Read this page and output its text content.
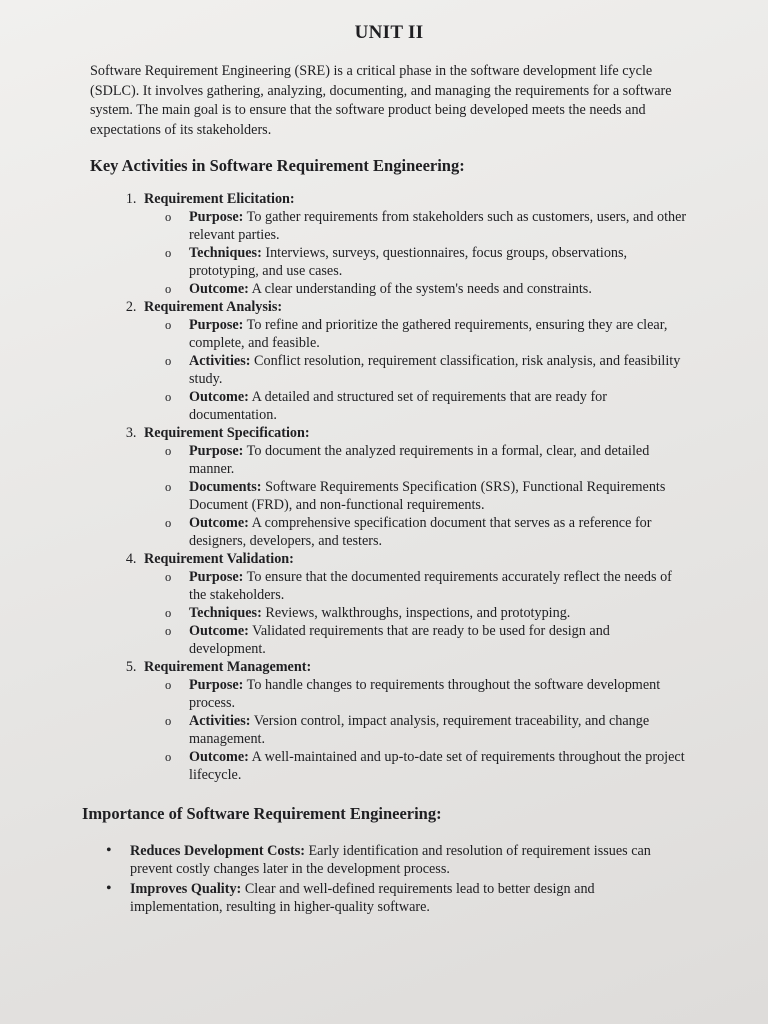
UNIT II

Software Requirement Engineering (SRE) is a critical phase in the software development life cycle (SDLC). It involves gathering, analyzing, documenting, and managing the requirements for a software system. The main goal is to ensure that the software product being developed meets the needs and expectations of its stakeholders.

Key Activities in Software Requirement Engineering:
1. Requirement Elicitation:
o Purpose: To gather requirements from stakeholders such as customers, users, and other relevant parties.
o Techniques: Interviews, surveys, questionnaires, focus groups, observations, prototyping, and use cases.
o Outcome: A clear understanding of the system's needs and constraints.
2. Requirement Analysis:
o Purpose: To refine and prioritize the gathered requirements, ensuring they are clear, complete, and feasible.
o Activities: Conflict resolution, requirement classification, risk analysis, and feasibility study.
o Outcome: A detailed and structured set of requirements that are ready for documentation.
3. Requirement Specification:
o Purpose: To document the analyzed requirements in a formal, clear, and detailed manner.
o Documents: Software Requirements Specification (SRS), Functional Requirements Document (FRD), and non-functional requirements.
o Outcome: A comprehensive specification document that serves as a reference for designers, developers, and testers.
4. Requirement Validation:
o Purpose: To ensure that the documented requirements accurately reflect the needs of the stakeholders.
o Techniques: Reviews, walkthroughs, inspections, and prototyping.
o Outcome: Validated requirements that are ready to be used for design and development.
5. Requirement Management:
o Purpose: To handle changes to requirements throughout the software development process.
o Activities: Version control, impact analysis, requirement traceability, and change management.
o Outcome: A well-maintained and up-to-date set of requirements throughout the project lifecycle.
Importance of Software Requirement Engineering:
• Reduces Development Costs: Early identification and resolution of requirement issues can prevent costly changes later in the development process.
• Improves Quality: Clear and well-defined requirements lead to better design and implementation, resulting in higher-quality software.
